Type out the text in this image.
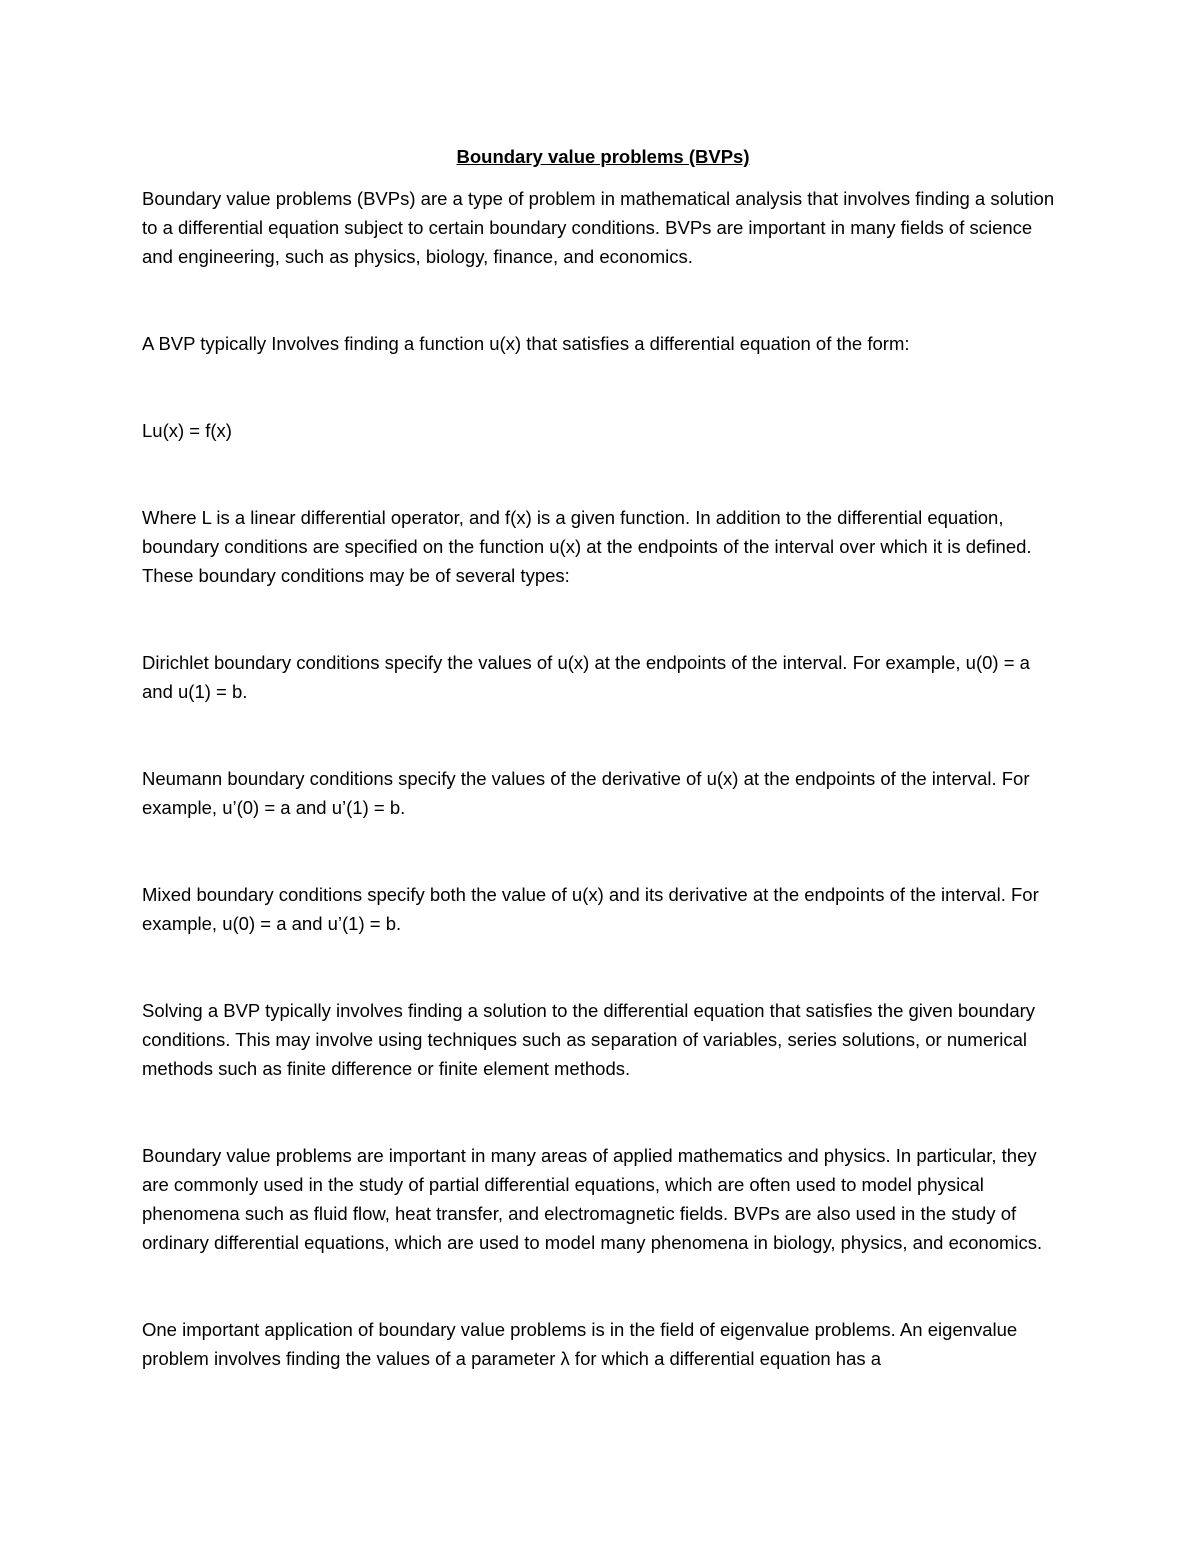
Boundary value problems (BVPs)

Boundary value problems (BVPs) are a type of problem in mathematical analysis that involves finding a solution to a differential equation subject to certain boundary conditions. BVPs are important in many fields of science and engineering, such as physics, biology, finance, and economics.

A BVP typically Involves finding a function u(x) that satisfies a differential equation of the form:

Lu(x) = f(x)

Where L is a linear differential operator, and f(x) is a given function. In addition to the differential equation, boundary conditions are specified on the function u(x) at the endpoints of the interval over which it is defined. These boundary conditions may be of several types:

Dirichlet boundary conditions specify the values of u(x) at the endpoints of the interval. For example, u(0) = a and u(1) = b.

Neumann boundary conditions specify the values of the derivative of u(x) at the endpoints of the interval. For example, u’(0) = a and u’(1) = b.

Mixed boundary conditions specify both the value of u(x) and its derivative at the endpoints of the interval. For example, u(0) = a and u’(1) = b.

Solving a BVP typically involves finding a solution to the differential equation that satisfies the given boundary conditions. This may involve using techniques such as separation of variables, series solutions, or numerical methods such as finite difference or finite element methods.

Boundary value problems are important in many areas of applied mathematics and physics. In particular, they are commonly used in the study of partial differential equations, which are often used to model physical phenomena such as fluid flow, heat transfer, and electromagnetic fields. BVPs are also used in the study of ordinary differential equations, which are used to model many phenomena in biology, physics, and economics.

One important application of boundary value problems is in the field of eigenvalue problems. An eigenvalue problem involves finding the values of a parameter λ for which a differential equation has a
